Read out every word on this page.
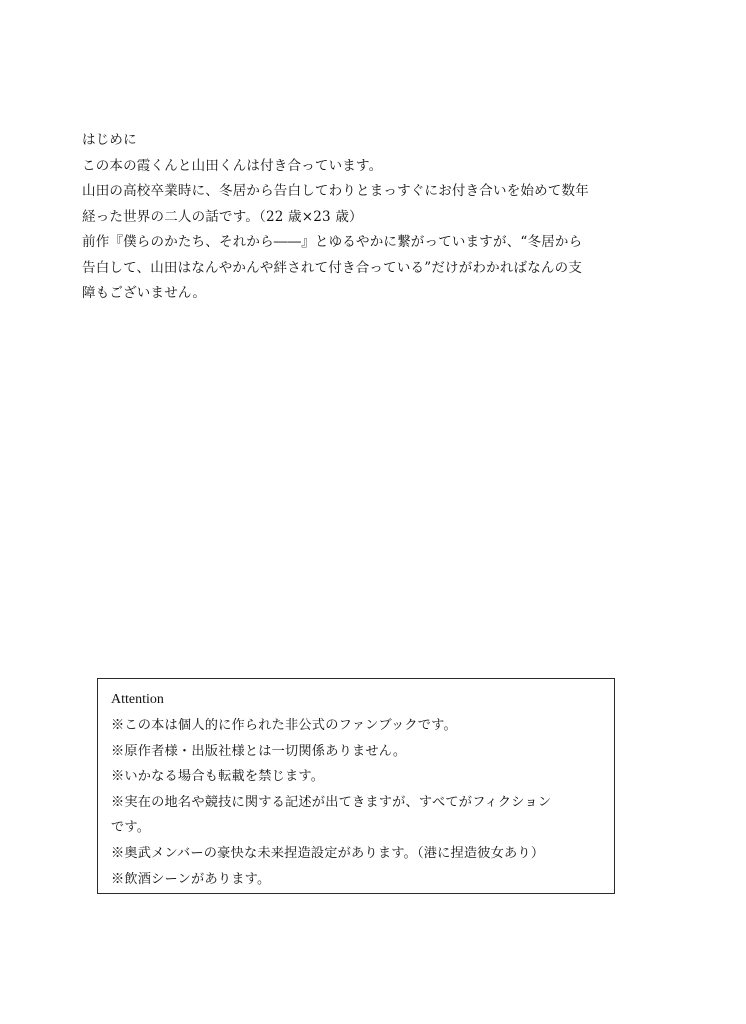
はじめに
この本の霞くんと山田くんは付き合っています。
山田の高校卒業時に、冬居から告白してわりとまっすぐにお付き合いを始めて数年
経った世界の二人の話です。（22 歳×23 歳）
前作『僕らのかたち、それから――』とゆるやかに繋がっていますが、“冬居から
告白して、山田はなんやかんや絆されて付き合っている”だけがわかればなんの支
障もございません。
Attention
※この本は個人的に作られた非公式のファンブックです。
※原作者様・出版社様とは一切関係ありません。
※いかなる場合も転載を禁じます。
※実在の地名や競技に関する記述が出てきますが、すべてがフィクション
です。
※奥武メンバーの豪快な未来捏造設定があります。（港に捏造彼女あり）
※飲酒シーンがあります。
